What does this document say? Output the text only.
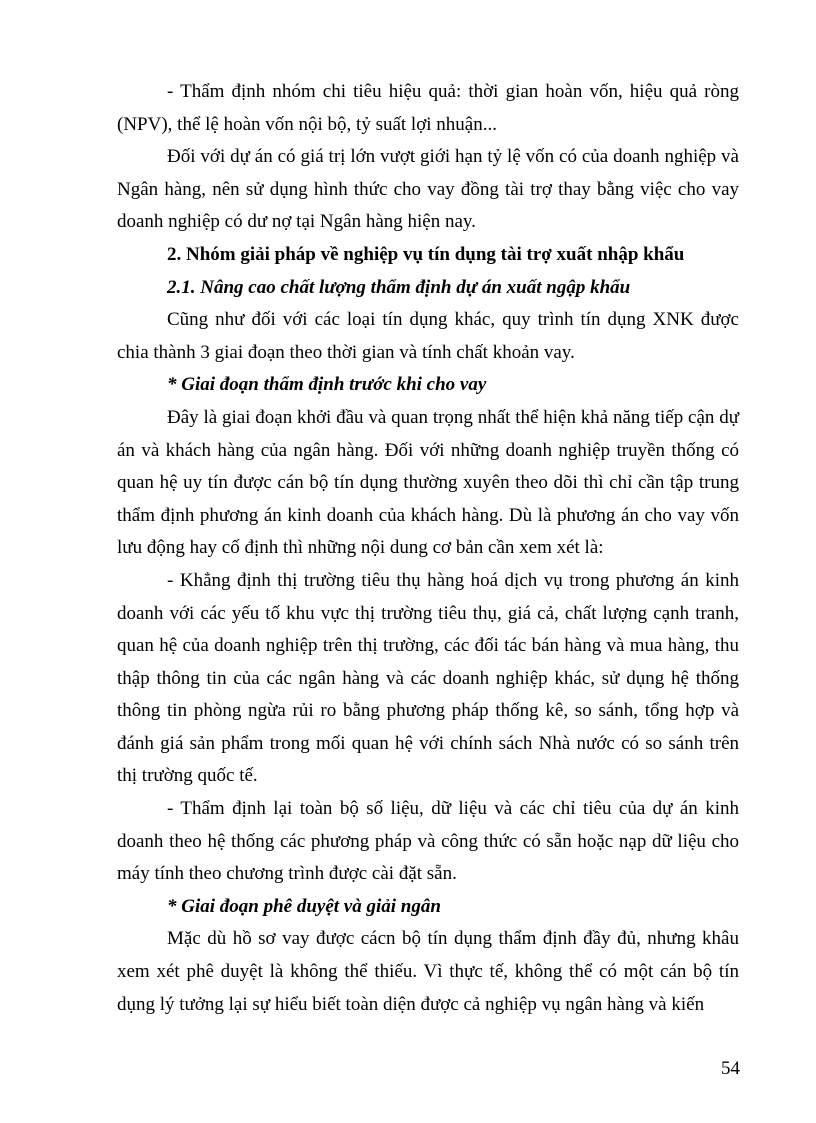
- Thẩm định nhóm chi tiêu hiệu quả: thời gian hoàn vốn, hiệu quả ròng (NPV), thể lệ hoàn vốn nội bộ, tỷ suất lợi nhuận...

Đối với dự án có giá trị lớn vượt giới hạn tỷ lệ vốn có của doanh nghiệp và Ngân hàng, nên sử dụng hình thức cho vay đồng tài trợ thay bằng việc cho vay doanh nghiệp có dư nợ tại Ngân hàng hiện nay.

2. Nhóm giải pháp về nghiệp vụ tín dụng tài trợ xuất nhập khẩu

2.1. Nâng cao chất lượng thẩm định dự án xuất ngập khẩu

Cũng như đối với các loại tín dụng khác, quy trình tín dụng XNK được chia thành 3 giai đoạn theo thời gian và tính chất khoản vay.

* Giai đoạn thẩm định trước khi cho vay

Đây là giai đoạn khởi đầu và quan trọng nhất thể hiện khả năng tiếp cận dự án và khách hàng của ngân hàng. Đối với những doanh nghiệp truyền thống có quan hệ uy tín được cán bộ tín dụng thường xuyên theo dõi thì chỉ cần tập trung thẩm định phương án kinh doanh của khách hàng. Dù là phương án cho vay vốn lưu động hay cố định thì những nội dung cơ bản cần xem xét là:

- Khẳng định thị trường tiêu thụ hàng hoá dịch vụ trong phương án kinh doanh với các yếu tố khu vực thị trường tiêu thụ, giá cả, chất lượng cạnh tranh, quan hệ của doanh nghiệp trên thị trường, các đối tác bán hàng và mua hàng, thu thập thông tin của các ngân hàng và các doanh nghiệp khác, sử dụng hệ thống thông tin phòng ngừa rủi ro bằng phương pháp thống kê, so sánh, tổng hợp và đánh giá sản phẩm trong mối quan hệ với chính sách Nhà nước có so sánh trên thị trường quốc tế.

- Thẩm định lại toàn bộ số liệu, dữ liệu và các chỉ tiêu của dự án kinh doanh theo hệ thống các phương pháp và công thức có sẵn hoặc nạp dữ liệu cho máy tính theo chương trình được cài đặt sẵn.

* Giai đoạn phê duyệt và giải ngân

Mặc dù hồ sơ vay được cácn bộ tín dụng thẩm định đầy đủ, nhưng khâu xem xét phê duyệt là không thể thiếu. Vì thực tế, không thể có một cán bộ tín dụng lý tưởng lại sự hiểu biết toàn diện được cả nghiệp vụ ngân hàng và kiến

54
